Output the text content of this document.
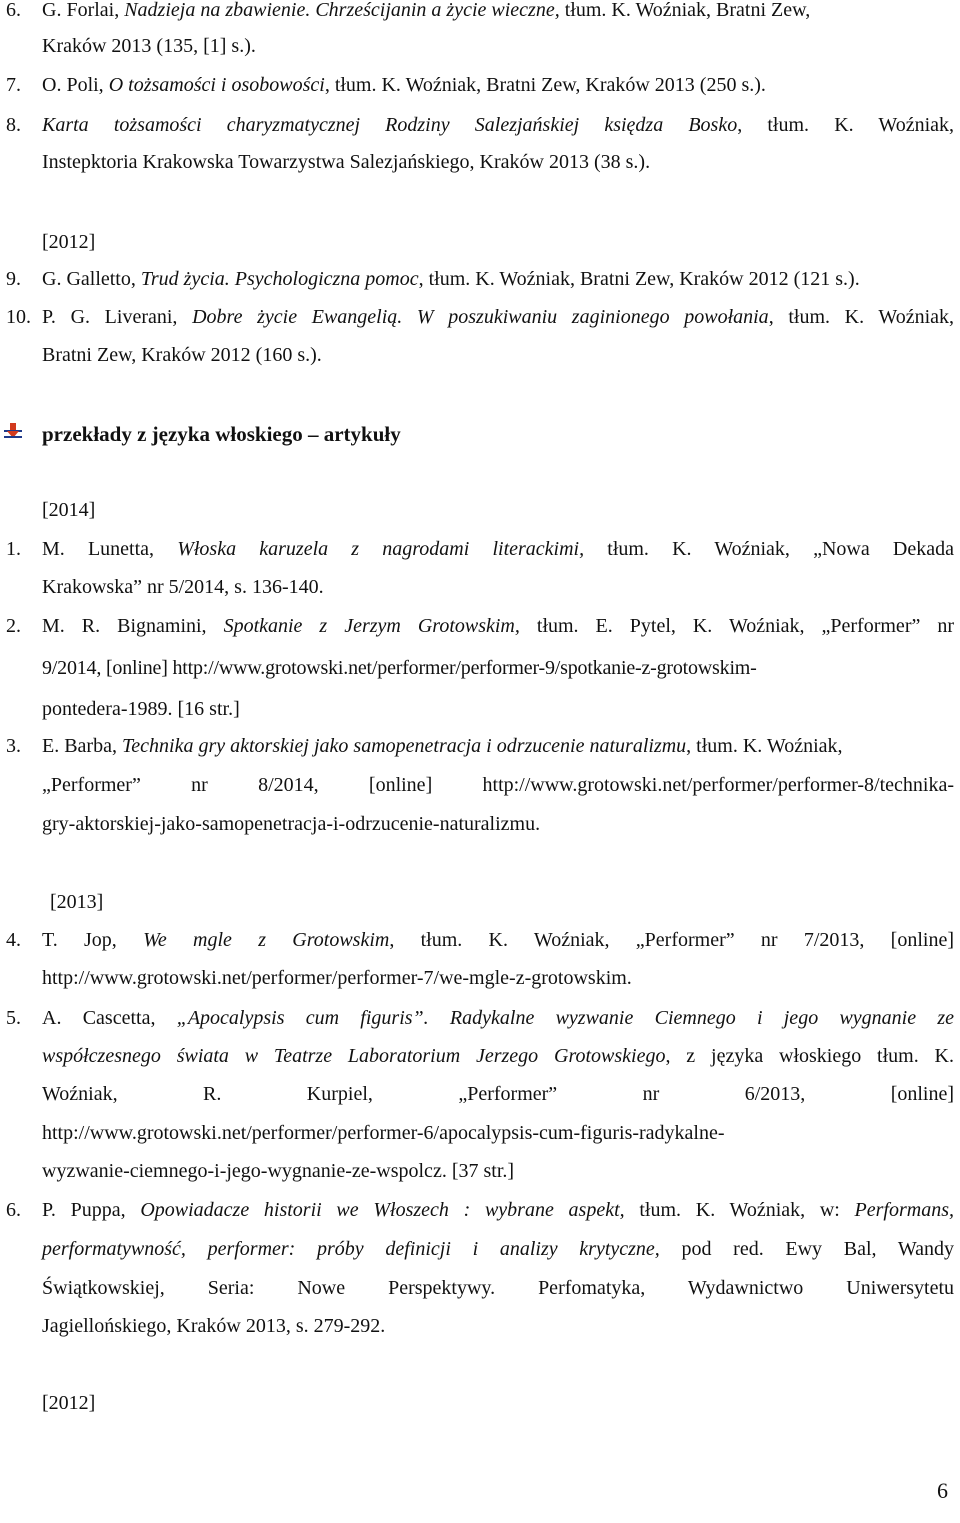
6. G. Forlai, Nadzieja na zbawienie. Chrześcijanin a życie wieczne, tłum. K. Woźniak, Bratni Zew,
Kraków 2013 (135, [1] s.).
7. O. Poli, O tożsamości i osobowości, tłum. K. Woźniak, Bratni Zew, Kraków 2013 (250 s.).
8. Karta tożsamości charyzmatycznej Rodziny Salezjańskiej księdza Bosko, tłum. K. Woźniak,
Instepktoria Krakowska Towarzystwa Salezjańskiego, Kraków 2013 (38 s.).
[2012]
9. G. Galletto, Trud życia. Psychologiczna pomoc, tłum. K. Woźniak, Bratni Zew, Kraków 2012 (121 s.).
10. P. G. Liverani, Dobre życie Ewangelią. W poszukiwaniu zaginionego powołania, tłum. K. Woźniak,
Bratni Zew, Kraków 2012 (160 s.).
przekłady z języka włoskiego – artykuły
[2014]
1. M. Lunetta, Włoska karuzela z nagrodami literackimi, tłum. K. Woźniak, „Nowa Dekada
Krakowska” nr 5/2014, s. 136-140.
2. M. R. Bignamini, Spotkanie z Jerzym Grotowskim, tłum. E. Pytel, K. Woźniak, „Performer” nr
9/2014, [online] http://www.grotowski.net/performer/performer-9/spotkanie-z-grotowskim-
pontedera-1989. [16 str.]
3. E. Barba, Technika gry aktorskiej jako samopenetracja i odrzucenie naturalizmu, tłum. K. Woźniak,
„Performer” nr 8/2014, [online] http://www.grotowski.net/performer/performer-8/technika-
gry-aktorskiej-jako-samopenetracja-i-odrzucenie-naturalizmu.
[2013]
4. T. Jop, We mgle z Grotowskim, tłum. K. Woźniak, „Performer” nr 7/2013, [online]
http://www.grotowski.net/performer/performer-7/we-mgle-z-grotowskim.
5. A. Cascetta, „Apocalypsis cum figuris”. Radykalne wyzwanie Ciemnego i jego wygnanie ze
współczesnego świata w Teatrze Laboratorium Jerzego Grotowskiego, z języka włoskiego tłum. K.
Woźniak, R. Kurpiel, „Performer” nr 6/2013, [online]
http://www.grotowski.net/performer/performer-6/apocalypsis-cum-figuris-radykalne-
wyzwanie-ciemnego-i-jego-wygnanie-ze-wspolcz. [37 str.]
6. P. Puppa, Opowiadacze historii we Włoszech : wybrane aspekt, tłum. K. Woźniak, w: Performans,
performatywność, performer: próby definicji i analizy krytyczne, pod red. Ewy Bal, Wandy
Świątkowskiej, Seria: Nowe Perspektywy. Perfomatyka, Wydawnictwo Uniwersytetu
Jagiellońskiego, Kraków 2013, s. 279-292.
[2012]
6
